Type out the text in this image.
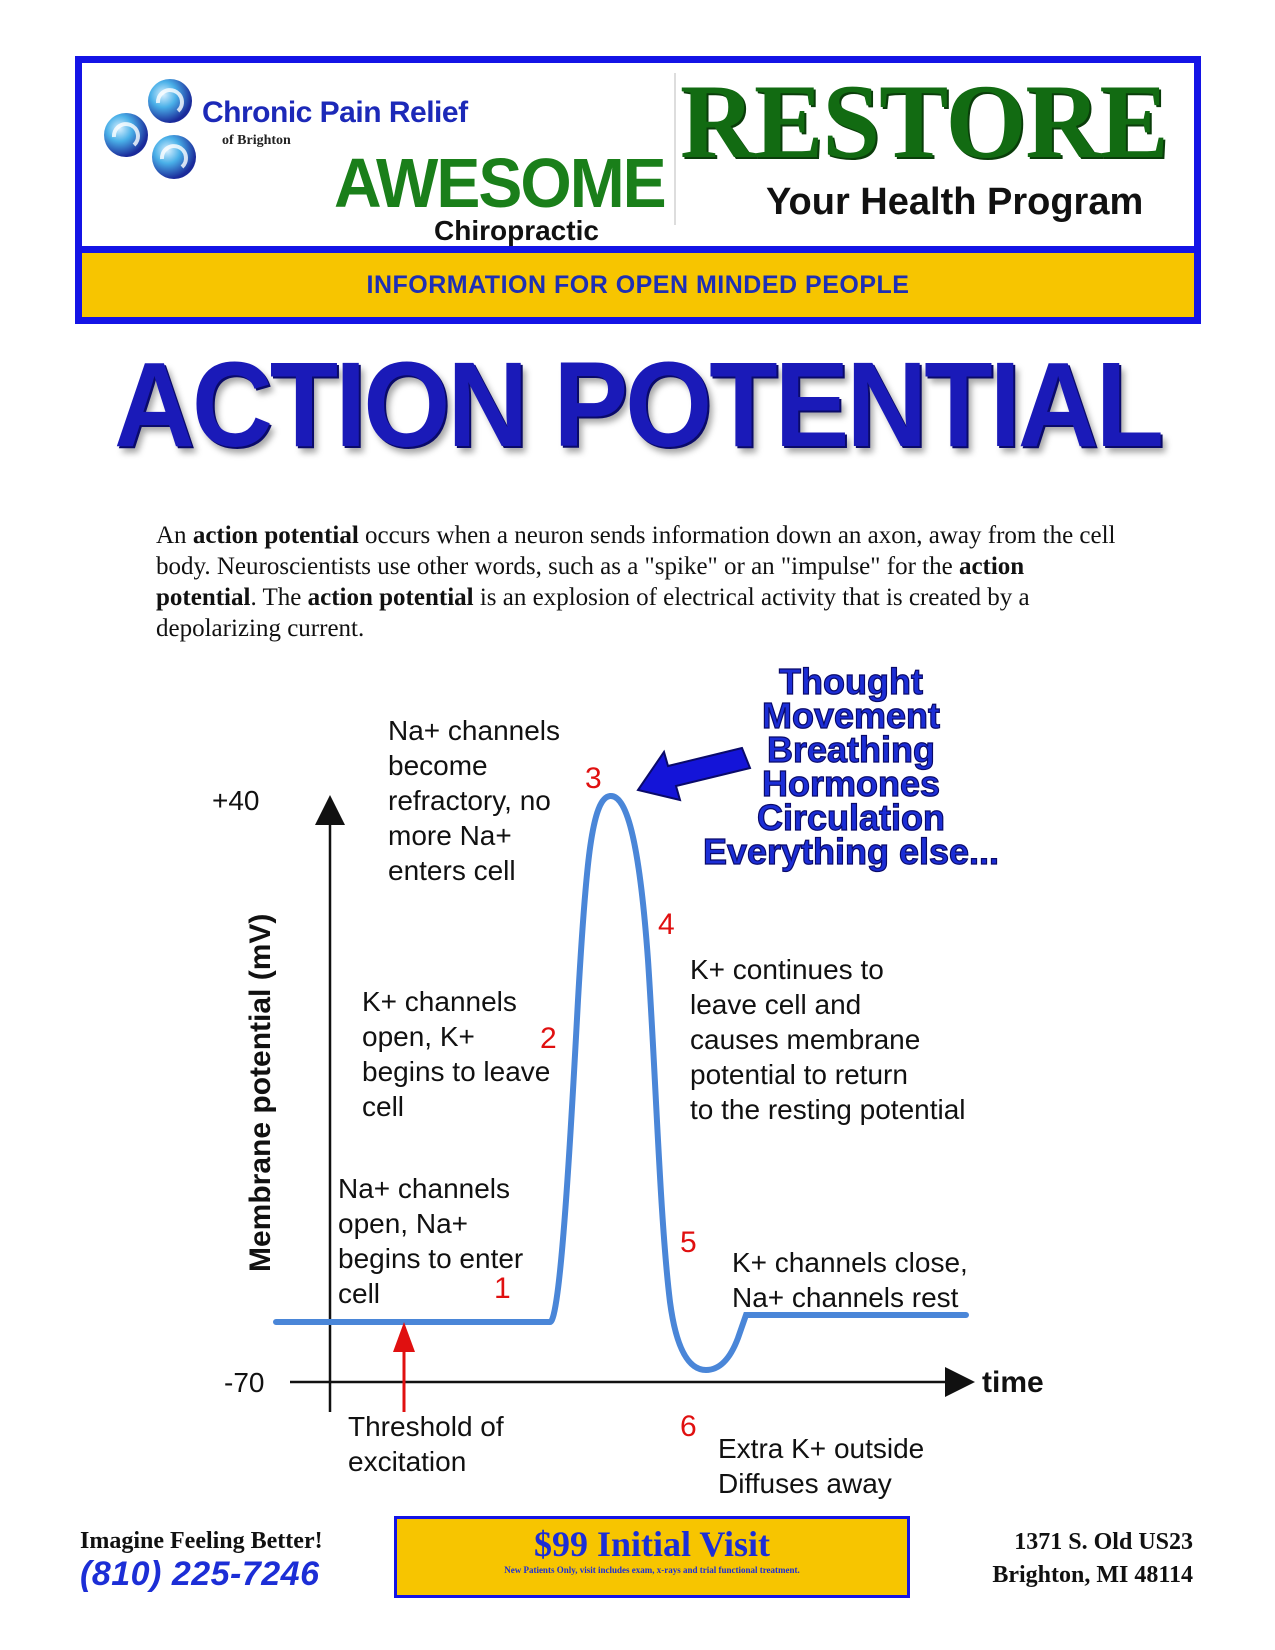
Chronic Pain Relief
of Brighton
AWESOME
Chiropractic
RESTORE
Your Health Program
INFORMATION FOR OPEN MINDED PEOPLE
ACTION POTENTIAL
An action potential occurs when a neuron sends information down an axon, away from the cell body. Neuroscientists use other words, such as a "spike" or an "impulse" for the action potential. The action potential is an explosion of electrical activity that is created by a depolarizing current.
+40
-70	time
Membrane potential (mV)
1
2
3
4
5
6
Na+ channels
become
refractory, no
more Na+
enters cell
K+ channels
open, K+
begins to leave
cell
Na+ channels
open, Na+
begins to enter
cell
K+ continues to
leave cell and
causes membrane
potential to return
to the resting potential
K+ channels close,
Na+ channels rest
Extra K+ outside
Diffuses away
Threshold of
excitation
Thought
Movement
Breathing
Hormones
Circulation
Everything else...
Imagine Feeling Better!
(810) 225-7246
$99 Initial Visit
New Patients Only, visit includes exam, x-rays and trial functional treatment.
1371 S. Old US23
Brighton, MI 48114
